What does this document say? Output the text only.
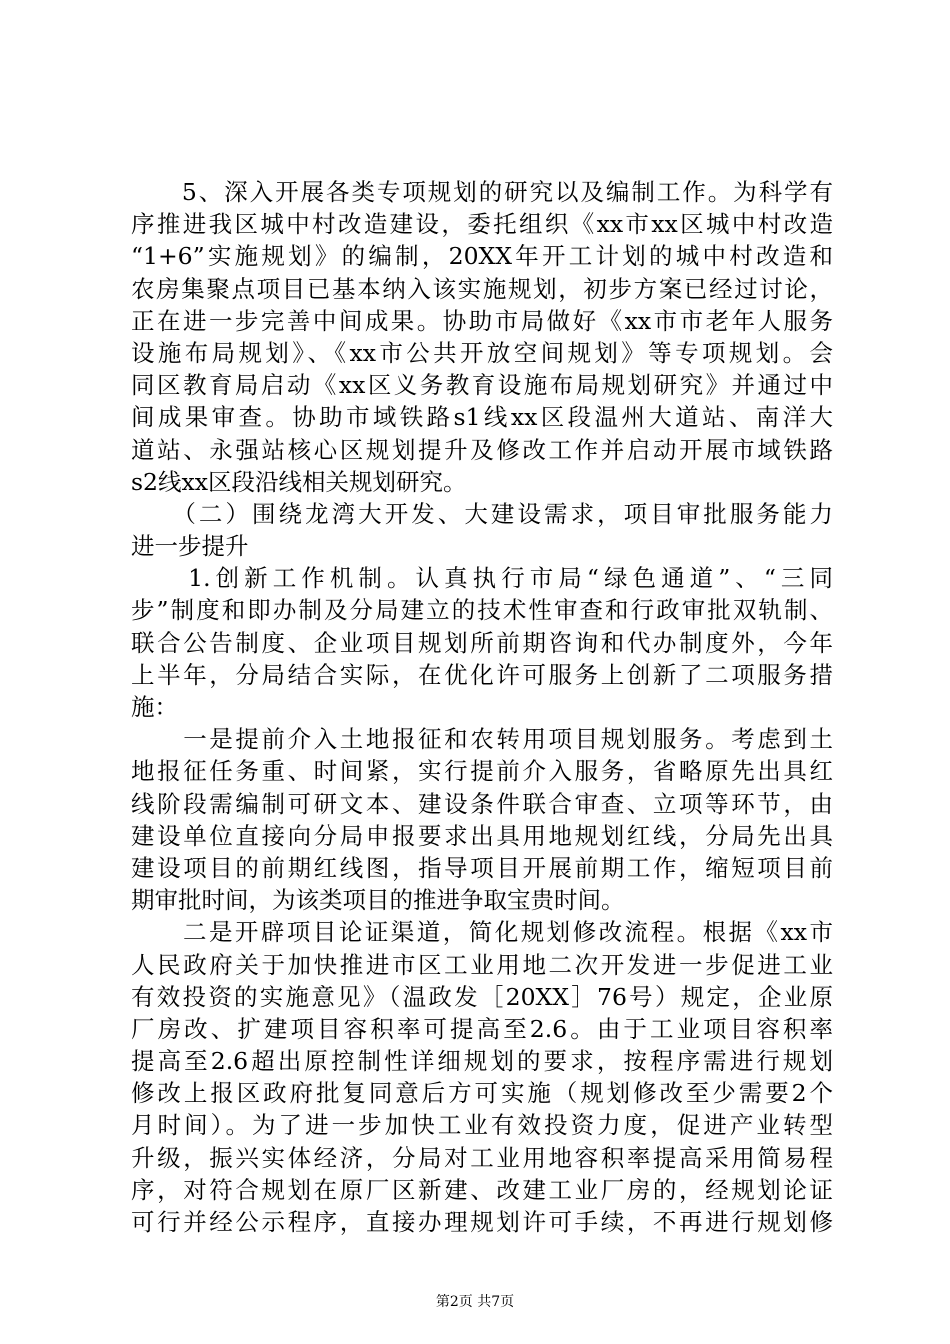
　　5、深入开展各类专项规划的研究以及编制工作。为科学有
序推进我区城中村改造建设，委托组织《xx市xx区城中村改造
“1+6”实施规划》的编制，20XX年开工计划的城中村改造和
农房集聚点项目已基本纳入该实施规划，初步方案已经过讨论，
正在进一步完善中间成果。协助市局做好《xx市市老年人服务
设施布局规划》、《xx市公共开放空间规划》等专项规划。会
同区教育局启动《xx区义务教育设施布局规划研究》并通过中
间成果审查。协助市域铁路s1线xx区段温州大道站、南洋大
道站、永强站核心区规划提升及修改工作并启动开展市域铁路
s2线xx区段沿线相关规划研究。
　　（二）围绕龙湾大开发、大建设需求，项目审批服务能力
进一步提升
　　1.创新工作机制。认真执行市局“绿色通道”、“三同
步”制度和即办制及分局建立的技术性审查和行政审批双轨制、
联合公告制度、企业项目规划所前期咨询和代办制度外，今年
上半年，分局结合实际，在优化许可服务上创新了二项服务措
施：
　　一是提前介入土地报征和农转用项目规划服务。考虑到土
地报征任务重、时间紧，实行提前介入服务，省略原先出具红
线阶段需编制可研文本、建设条件联合审查、立项等环节，由
建设单位直接向分局申报要求出具用地规划红线，分局先出具
建设项目的前期红线图，指导项目开展前期工作，缩短项目前
期审批时间，为该类项目的推进争取宝贵时间。
　　二是开辟项目论证渠道，简化规划修改流程。根据《xx市
人民政府关于加快推进市区工业用地二次开发进一步促进工业
有效投资的实施意见》（温政发［20XX］76号）规定，企业原
厂房改、扩建项目容积率可提高至2.6。由于工业项目容积率
提高至2.6超出原控制性详细规划的要求，按程序需进行规划
修改上报区政府批复同意后方可实施（规划修改至少需要2个
月时间）。为了进一步加快工业有效投资力度，促进产业转型
升级，振兴实体经济，分局对工业用地容积率提高采用简易程
序，对符合规划在原厂区新建、改建工业厂房的，经规划论证
可行并经公示程序，直接办理规划许可手续，不再进行规划修
第2页 共7页
